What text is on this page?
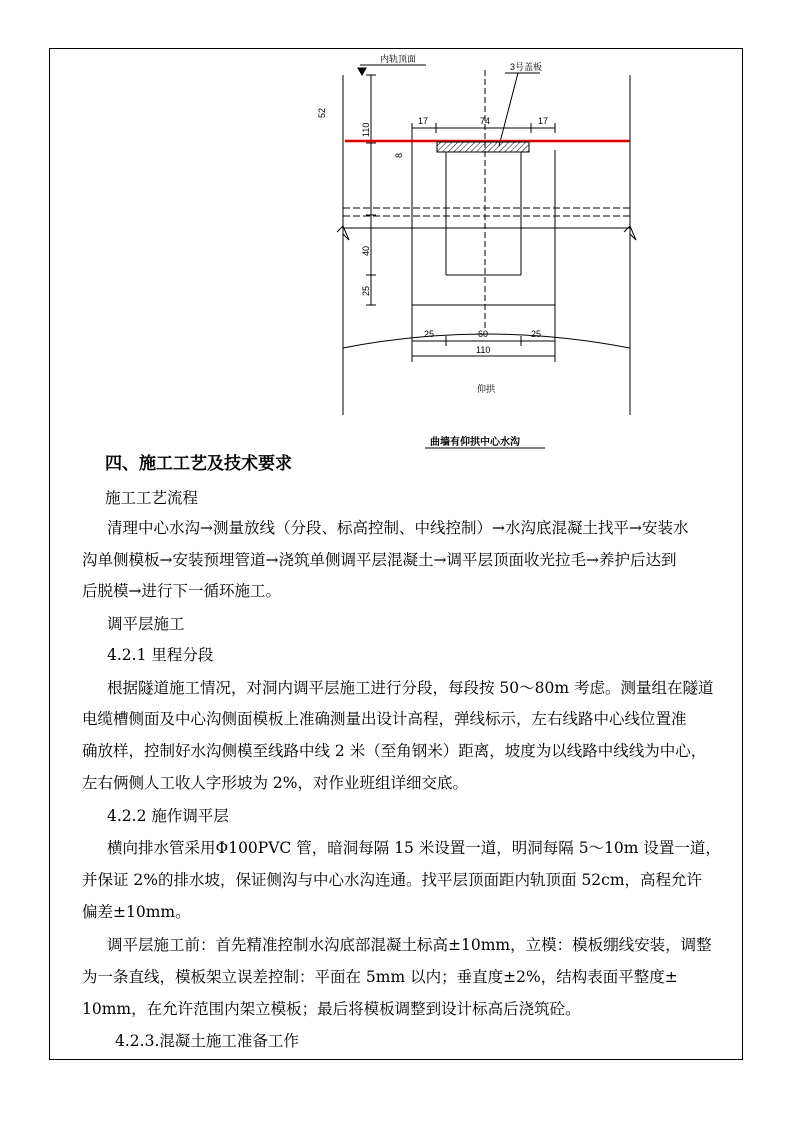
内轨顶面
3号盖板
仰拱
曲墙有仰拱中心水沟
52
110
8
40
25
17	74	17
25	60	25
110
四、施工工艺及技术要求
施工工艺流程
清理中心水沟→测量放线（分段、标高控制、中线控制）→水沟底混凝土找平→安装水
沟单侧模板→安装预埋管道→浇筑单侧调平层混凝土→调平层顶面收光拉毛→养护后达到
后脱模→进行下一循环施工。
调平层施工
4.2.1 里程分段
根据隧道施工情况，对洞内调平层施工进行分段，每段按 50～80m 考虑。测量组在隧道
电缆槽侧面及中心沟侧面模板上准确测量出设计高程，弹线标示，左右线路中心线位置准
确放样，控制好水沟侧模至线路中线 2 米（至角钢米）距离，坡度为以线路中线线为中心，
左右俩侧人工收人字形坡为 2%，对作业班组详细交底。
4.2.2 施作调平层
横向排水管采用Φ100PVC 管，暗洞每隔 15 米设置一道，明洞每隔 5～10m 设置一道，
并保证 2%的排水坡，保证侧沟与中心水沟连通。找平层顶面距内轨顶面 52cm，高程允许
偏差±10mm。
调平层施工前：首先精准控制水沟底部混凝土标高±10mm，立模：模板绷线安装，调整
为一条直线，模板架立误差控制：平面在 5mm 以内；垂直度±2%，结构表面平整度±
10mm，在允许范围内架立模板；最后将模板调整到设计标高后浇筑砼。
4.2.3.混凝土施工准备工作
